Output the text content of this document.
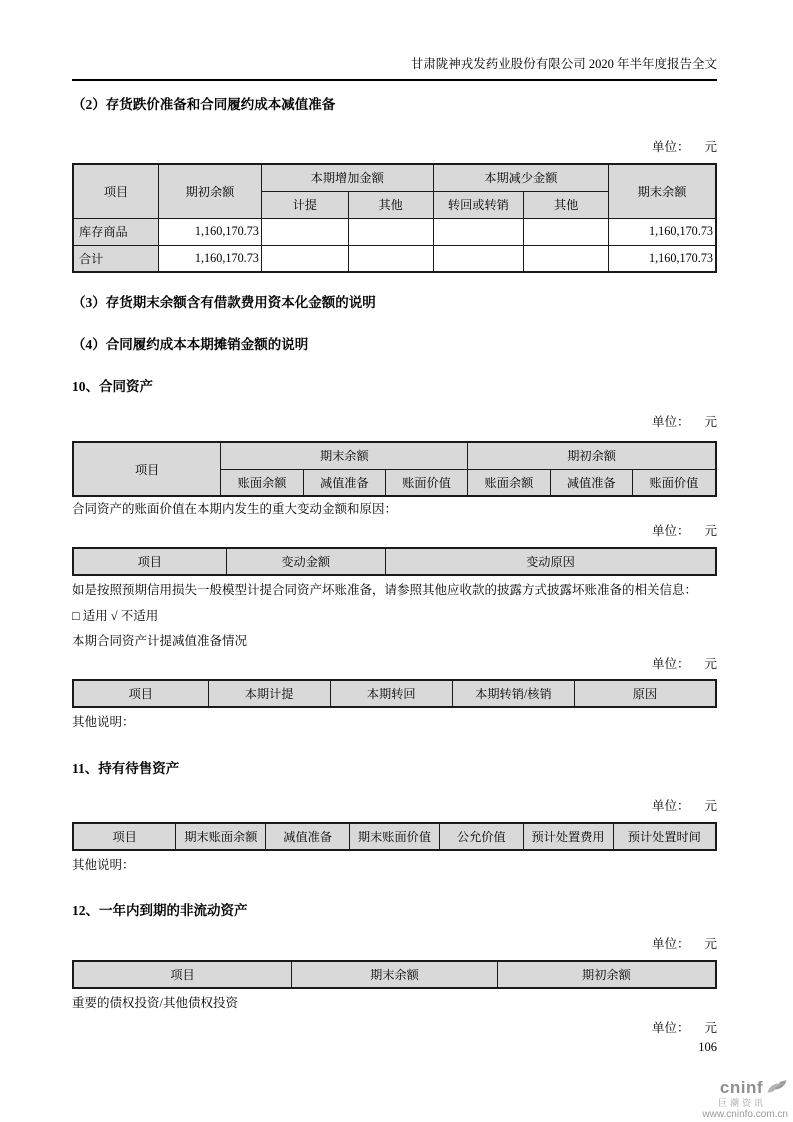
甘肃陇神戎发药业股份有限公司 2020 年半年度报告全文
（2）存货跌价准备和合同履约成本减值准备
单位： 元
项目	期初余额	本期增加金额		本期减少金额		期末余额
		计提	其他	转回或转销	其他	
库存商品	1,160,170.73					1,160,170.73
合计	1,160,170.73					1,160,170.73
（3）存货期末余额含有借款费用资本化金额的说明
（4）合同履约成本本期摊销金额的说明
10、合同资产
单位： 元
项目	期末余额			期初余额		
	账面余额	减值准备	账面价值	账面余额	减值准备	账面价值
合同资产的账面价值在本期内发生的重大变动金额和原因：
单位： 元
项目	变动金额	变动原因
如是按照预期信用损失一般模型计提合同资产坏账准备，请参照其他应收款的披露方式披露坏账准备的相关信息：
□ 适用 √ 不适用
本期合同资产计提减值准备情况
单位： 元
项目	本期计提	本期转回	本期转销/核销	原因
其他说明：
11、持有待售资产
单位： 元
项目	期末账面余额	减值准备	期末账面价值	公允价值	预计处置费用	预计处置时间
其他说明：
12、一年内到期的非流动资产
单位： 元
项目	期末余额	期初余额
重要的债权投资/其他债权投资
单位： 元
106
cninf
巨潮资讯
www.cninfo.com.cn
